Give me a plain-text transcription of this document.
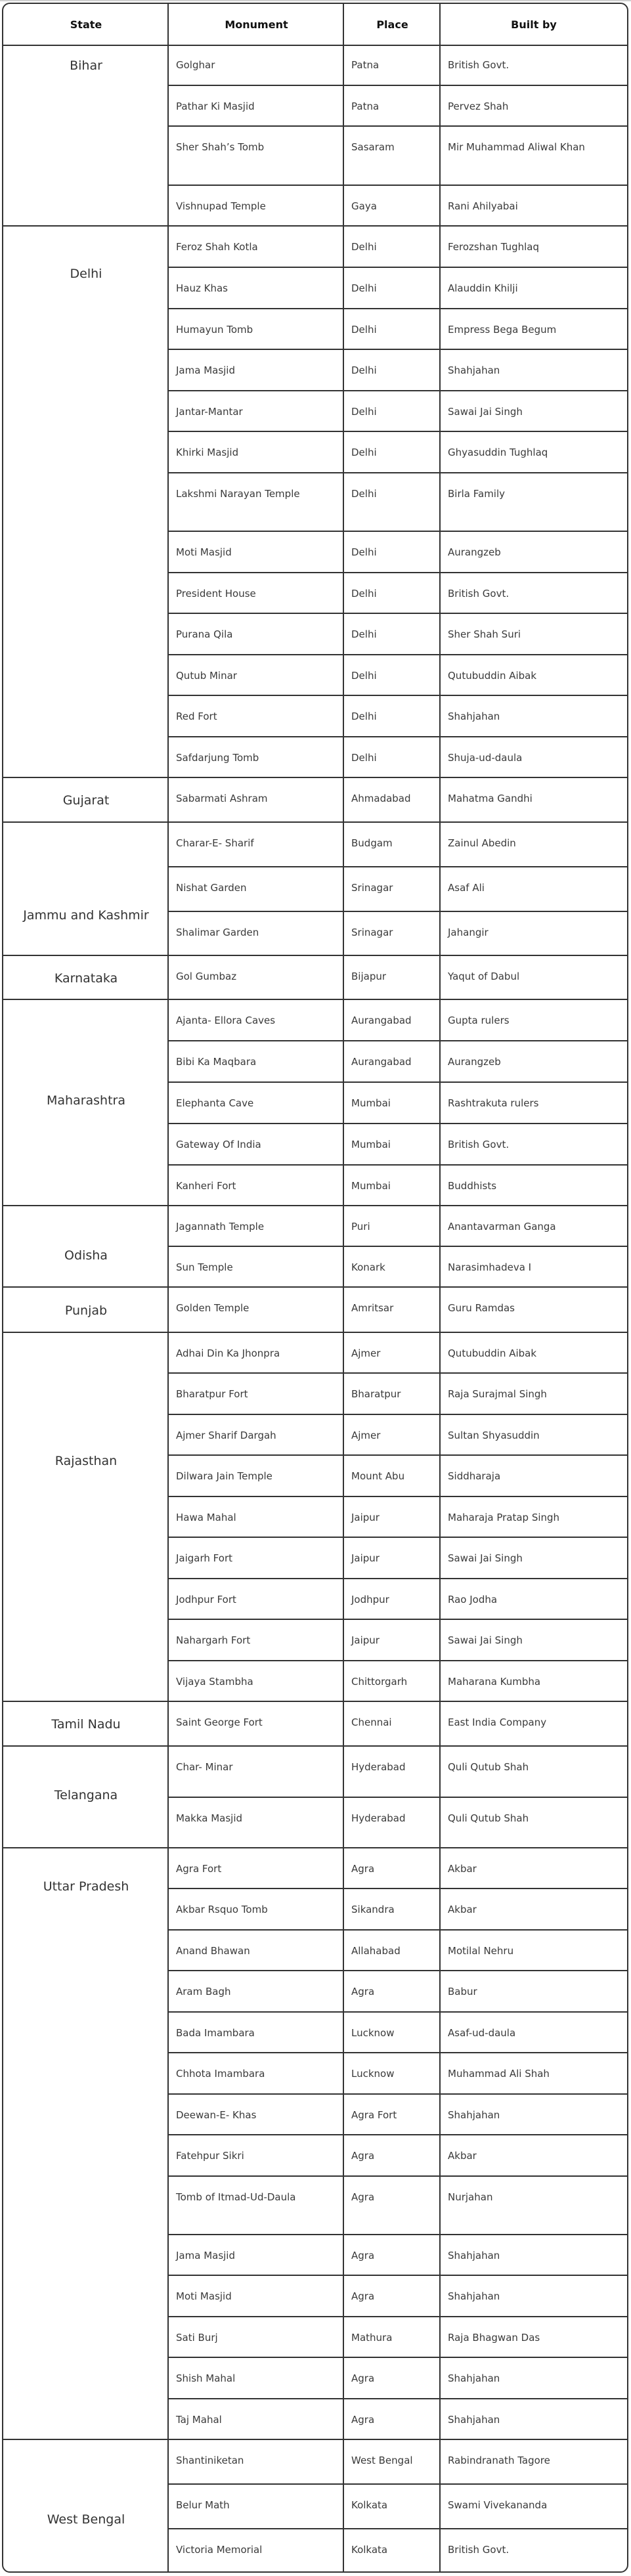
State	Monument	Place	Built by
Bihar	Golghar	Patna	British Govt.
Pathar Ki Masjid	Patna	Pervez Shah
Sher Shah’s Tomb	Sasaram	Mir Muhammad Aliwal Khan
Vishnupad Temple	Gaya	Rani Ahilyabai
Delhi
Feroz Shah Kotla	Delhi	Ferozshan Tughlaq
Hauz Khas	Delhi	Alauddin Khilji
Humayun Tomb	Delhi	Empress Bega Begum
Jama Masjid	Delhi	Shahjahan
Jantar-Mantar	Delhi	Sawai Jai Singh
Khirki Masjid	Delhi	Ghyasuddin Tughlaq
Lakshmi Narayan Temple	Delhi	Birla Family
Moti Masjid	Delhi	Aurangzeb
President House	Delhi	British Govt.
Purana Qila	Delhi	Sher Shah Suri
Qutub Minar	Delhi	Qutubuddin Aibak
Red Fort	Delhi	Shahjahan
Safdarjung Tomb	Delhi	Shuja-ud-daula
Gujarat	Sabarmati Ashram	Ahmadabad	Mahatma Gandhi
Jammu and Kashmir
Charar-E- Sharif	Budgam	Zainul Abedin
Nishat Garden	Srinagar	Asaf Ali
Shalimar Garden	Srinagar	Jahangir
Karnataka	Gol Gumbaz	Bijapur	Yaqut of Dabul
Maharashtra
Ajanta- Ellora Caves	Aurangabad	Gupta rulers
Bibi Ka Maqbara	Aurangabad	Aurangzeb
Elephanta Cave	Mumbai	Rashtrakuta rulers
Gateway Of India	Mumbai	British Govt.
Kanheri Fort	Mumbai	Buddhists
Odisha
Jagannath Temple	Puri	Anantavarman Ganga
Sun Temple	Konark	Narasimhadeva I
Punjab	Golden Temple	Amritsar	Guru Ramdas
Rajasthan
Adhai Din Ka Jhonpra	Ajmer	Qutubuddin Aibak
Bharatpur Fort	Bharatpur	Raja Surajmal Singh
Ajmer Sharif Dargah	Ajmer	Sultan Shyasuddin
Dilwara Jain Temple	Mount Abu	Siddharaja
Hawa Mahal	Jaipur	Maharaja Pratap Singh
Jaigarh Fort	Jaipur	Sawai Jai Singh
Jodhpur Fort	Jodhpur	Rao Jodha
Nahargarh Fort	Jaipur	Sawai Jai Singh
Vijaya Stambha	Chittorgarh	Maharana Kumbha
Tamil Nadu	Saint George Fort	Chennai	East India Company
Telangana
Char- Minar	Hyderabad	Quli Qutub Shah
Makka Masjid	Hyderabad	Quli Qutub Shah
Uttar Pradesh
Agra Fort	Agra	Akbar
Akbar Rsquo Tomb	Sikandra	Akbar
Anand Bhawan	Allahabad	Motilal Nehru
Aram Bagh	Agra	Babur
Bada Imambara	Lucknow	Asaf-ud-daula
Chhota Imambara	Lucknow	Muhammad Ali Shah
Deewan-E- Khas	Agra Fort	Shahjahan
Fatehpur Sikri	Agra	Akbar
Tomb of Itmad-Ud-Daula	Agra	Nurjahan
Jama Masjid	Agra	Shahjahan
Moti Masjid	Agra	Shahjahan
Sati Burj	Mathura	Raja Bhagwan Das
Shish Mahal	Agra	Shahjahan
Taj Mahal	Agra	Shahjahan
West Bengal
Shantiniketan	West Bengal	Rabindranath Tagore
Belur Math	Kolkata	Swami Vivekananda
Victoria Memorial	Kolkata	British Govt.
